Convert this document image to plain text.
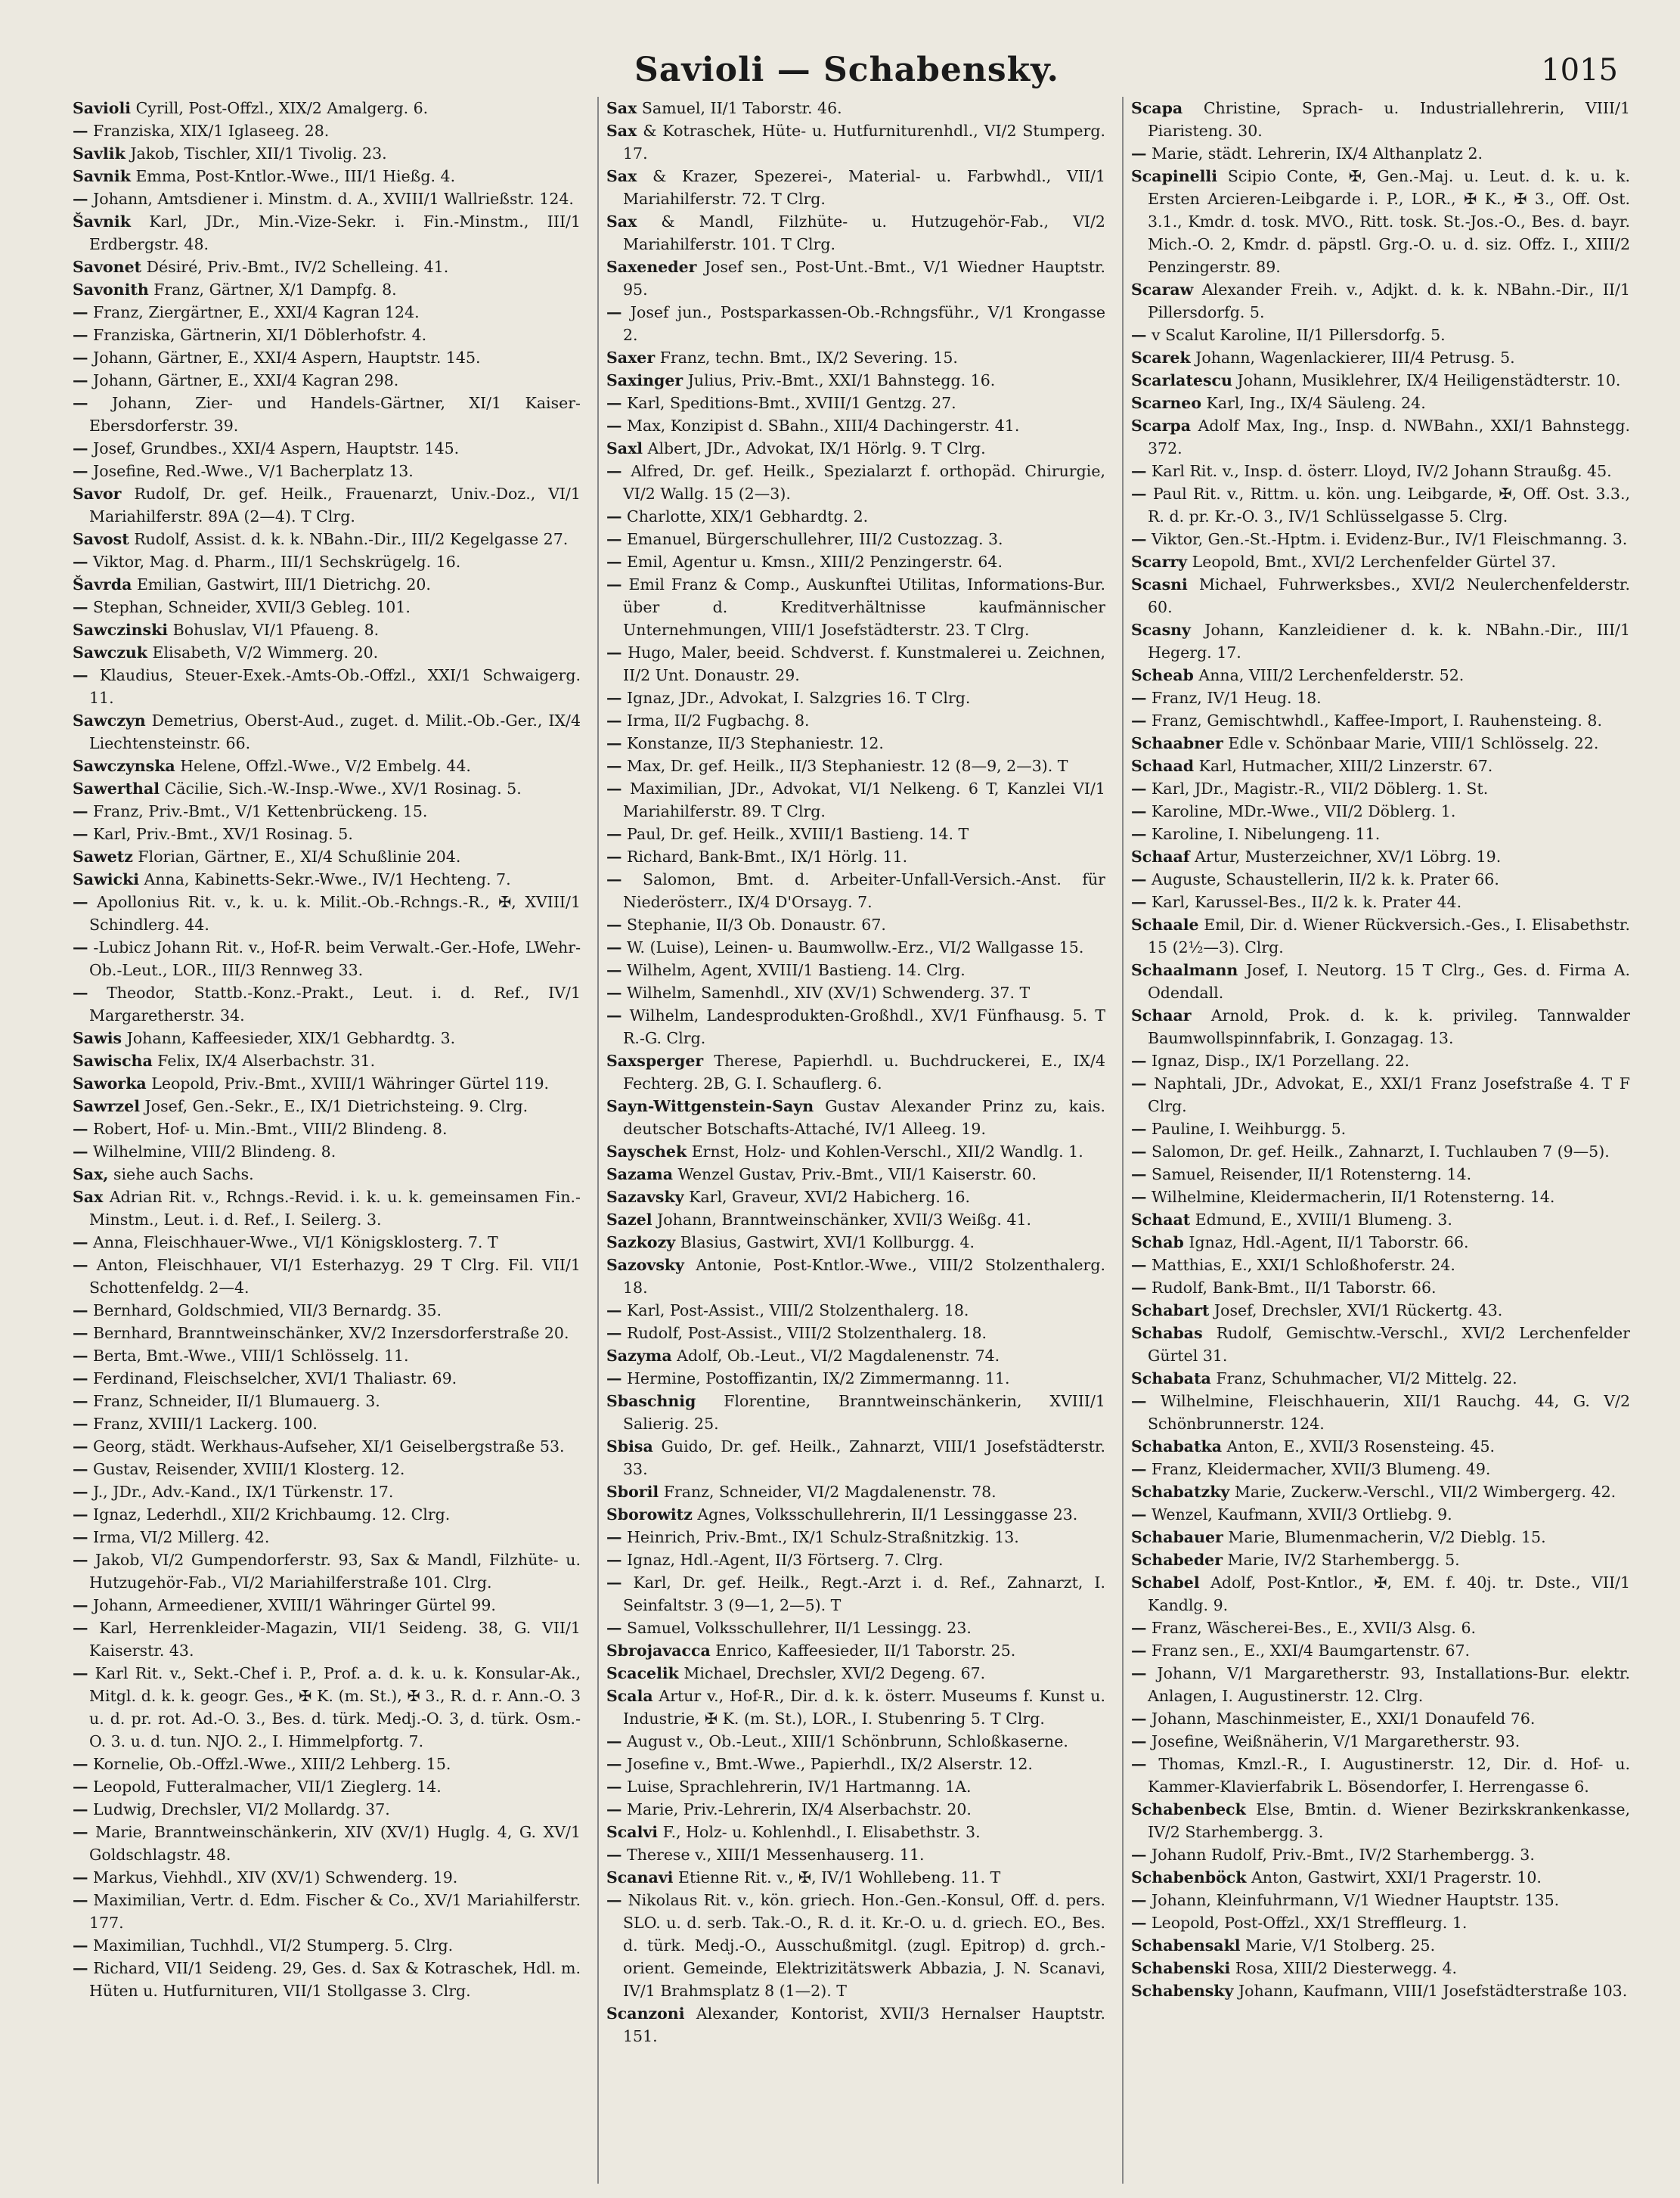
Savioli — Schabensky.	1015
Savioli Cyrill, Post-Offzl., XIX/2 Amalgerg. 6.
— Franziska, XIX/1 Iglaseeg. 28.
Savlik Jakob, Tischler, XII/1 Tivolig. 23.
Savnik Emma, Post-Kntlor.-Wwe., III/1 Hießg. 4.
— Johann, Amtsdiener i. Minstm. d. A., XVIII/1 Wallrießstr. 124.
Šavnik Karl, JDr., Min.-Vize-Sekr. i. Fin.-Minstm., III/1 Erdbergstr. 48.
Savonet Désiré, Priv.-Bmt., IV/2 Schelleing. 41.
Savonith Franz, Gärtner, X/1 Dampfg. 8.
— Franz, Ziergärtner, E., XXI/4 Kagran 124.
— Franziska, Gärtnerin, XI/1 Döblerhofstr. 4.
— Johann, Gärtner, E., XXI/4 Aspern, Hauptstr. 145.
— Johann, Gärtner, E., XXI/4 Kagran 298.
— Johann, Zier- und Handels-Gärtner, XI/1 Kaiser-Ebersdorferstr. 39.
— Josef, Grundbes., XXI/4 Aspern, Hauptstr. 145.
— Josefine, Red.-Wwe., V/1 Bacherplatz 13.
Savor Rudolf, Dr. gef. Heilk., Frauenarzt, Univ.-Doz., VI/1 Mariahilferstr. 89A (2—4). T Clrg.
Savost Rudolf, Assist. d. k. k. NBahn.-Dir., III/2 Kegelgasse 27.
— Viktor, Mag. d. Pharm., III/1 Sechskrügelg. 16.
Šavrda Emilian, Gastwirt, III/1 Dietrichg. 20.
— Stephan, Schneider, XVII/3 Gebleg. 101.
Sawczinski Bohuslav, VI/1 Pfaueng. 8.
Sawczuk Elisabeth, V/2 Wimmerg. 20.
— Klaudius, Steuer-Exek.-Amts-Ob.-Offzl., XXI/1 Schwaigerg. 11.
Sawczyn Demetrius, Oberst-Aud., zuget. d. Milit.-Ob.-Ger., IX/4 Liechtensteinstr. 66.
Sawczynska Helene, Offzl.-Wwe., V/2 Embelg. 44.
Sawerthal Cäcilie, Sich.-W.-Insp.-Wwe., XV/1 Rosinag. 5.
— Franz, Priv.-Bmt., V/1 Kettenbrückeng. 15.
— Karl, Priv.-Bmt., XV/1 Rosinag. 5.
Sawetz Florian, Gärtner, E., XI/4 Schußlinie 204.
Sawicki Anna, Kabinetts-Sekr.-Wwe., IV/1 Hechteng. 7.
— Apollonius Rit. v., k. u. k. Milit.-Ob.-Rchngs.-R., ✠, XVIII/1 Schindlerg. 44.
— -Lubicz Johann Rit. v., Hof-R. beim Verwalt.-Ger.-Hofe, LWehr-Ob.-Leut., LOR., III/3 Rennweg 33.
— Theodor, Stattb.-Konz.-Prakt., Leut. i. d. Ref., IV/1 Margaretherstr. 34.
Sawis Johann, Kaffeesieder, XIX/1 Gebhardtg. 3.
Sawischa Felix, IX/4 Alserbachstr. 31.
Saworka Leopold, Priv.-Bmt., XVIII/1 Währinger Gürtel 119.
Sawrzel Josef, Gen.-Sekr., E., IX/1 Dietrichsteing. 9. Clrg.
— Robert, Hof- u. Min.-Bmt., VIII/2 Blindeng. 8.
— Wilhelmine, VIII/2 Blindeng. 8.
Sax, siehe auch Sachs.
Sax Adrian Rit. v., Rchngs.-Revid. i. k. u. k. gemeinsamen Fin.-Minstm., Leut. i. d. Ref., I. Seilerg. 3.
— Anna, Fleischhauer-Wwe., VI/1 Königsklosterg. 7. T
— Anton, Fleischhauer, VI/1 Esterhazyg. 29 T Clrg. Fil. VII/1 Schottenfeldg. 2—4.
— Bernhard, Goldschmied, VII/3 Bernardg. 35.
— Bernhard, Branntweinschänker, XV/2 Inzersdorferstraße 20.
— Berta, Bmt.-Wwe., VIII/1 Schlösselg. 11.
— Ferdinand, Fleischselcher, XVI/1 Thaliastr. 69.
— Franz, Schneider, II/1 Blumauerg. 3.
— Franz, XVIII/1 Lackerg. 100.
— Georg, städt. Werkhaus-Aufseher, XI/1 Geiselbergstraße 53.
— Gustav, Reisender, XVIII/1 Klosterg. 12.
— J., JDr., Adv.-Kand., IX/1 Türkenstr. 17.
— Ignaz, Lederhdl., XII/2 Krichbaumg. 12. Clrg.
— Irma, VI/2 Millerg. 42.
— Jakob, VI/2 Gumpendorferstr. 93, Sax & Mandl, Filzhüte- u. Hutzugehör-Fab., VI/2 Mariahilferstraße 101. Clrg.
— Johann, Armeediener, XVIII/1 Währinger Gürtel 99.
— Karl, Herrenkleider-Magazin, VII/1 Seideng. 38, G. VII/1 Kaiserstr. 43.
— Karl Rit. v., Sekt.-Chef i. P., Prof. a. d. k. u. k. Konsular-Ak., Mitgl. d. k. k. geogr. Ges., ✠ K. (m. St.), ✠ 3., R. d. r. Ann.-O. 3 u. d. pr. rot. Ad.-O. 3., Bes. d. türk. Medj.-O. 3, d. türk. Osm.-O. 3. u. d. tun. NJO. 2., I. Himmelpfortg. 7.
— Kornelie, Ob.-Offzl.-Wwe., XIII/2 Lehberg. 15.
— Leopold, Futteralmacher, VII/1 Zieglerg. 14.
— Ludwig, Drechsler, VI/2 Mollardg. 37.
— Marie, Branntweinschänkerin, XIV (XV/1) Huglg. 4, G. XV/1 Goldschlagstr. 48.
— Markus, Viehhdl., XIV (XV/1) Schwenderg. 19.
— Maximilian, Vertr. d. Edm. Fischer & Co., XV/1 Mariahilferstr. 177.
— Maximilian, Tuchhdl., VI/2 Stumperg. 5. Clrg.
— Richard, VII/1 Seideng. 29, Ges. d. Sax & Kotraschek, Hdl. m. Hüten u. Hutfurnituren, VII/1 Stollgasse 3. Clrg.
Sax Samuel, II/1 Taborstr. 46.
Sax & Kotraschek, Hüte- u. Hutfurniturenhdl., VI/2 Stumperg. 17.
Sax & Krazer, Spezerei-, Material- u. Farbwhdl., VII/1 Mariahilferstr. 72. T Clrg.
Sax & Mandl, Filzhüte- u. Hutzugehör-Fab., VI/2 Mariahilferstr. 101. T Clrg.
Saxeneder Josef sen., Post-Unt.-Bmt., V/1 Wiedner Hauptstr. 95.
— Josef jun., Postsparkassen-Ob.-Rchngsführ., V/1 Krongasse 2.
Saxer Franz, techn. Bmt., IX/2 Severing. 15.
Saxinger Julius, Priv.-Bmt., XXI/1 Bahnstegg. 16.
— Karl, Speditions-Bmt., XVIII/1 Gentzg. 27.
— Max, Konzipist d. SBahn., XIII/4 Dachingerstr. 41.
Saxl Albert, JDr., Advokat, IX/1 Hörlg. 9. T Clrg.
— Alfred, Dr. gef. Heilk., Spezialarzt f. orthopäd. Chirurgie, VI/2 Wallg. 15 (2—3).
— Charlotte, XIX/1 Gebhardtg. 2.
— Emanuel, Bürgerschullehrer, III/2 Custozzag. 3.
— Emil, Agentur u. Kmsn., XIII/2 Penzingerstr. 64.
— Emil Franz & Comp., Auskunftei Utilitas, Informations-Bur. über d. Kreditverhältnisse kaufmännischer Unternehmungen, VIII/1 Josefstädterstr. 23. T Clrg.
— Hugo, Maler, beeid. Schdverst. f. Kunstmalerei u. Zeichnen, II/2 Unt. Donaustr. 29.
— Ignaz, JDr., Advokat, I. Salzgries 16. T Clrg.
— Irma, II/2 Fugbachg. 8.
— Konstanze, II/3 Stephaniestr. 12.
— Max, Dr. gef. Heilk., II/3 Stephaniestr. 12 (8—9, 2—3). T
— Maximilian, JDr., Advokat, VI/1 Nelkeng. 6 T, Kanzlei VI/1 Mariahilferstr. 89. T Clrg.
— Paul, Dr. gef. Heilk., XVIII/1 Bastieng. 14. T
— Richard, Bank-Bmt., IX/1 Hörlg. 11.
— Salomon, Bmt. d. Arbeiter-Unfall-Versich.-Anst. für Niederösterr., IX/4 D'Orsayg. 7.
— Stephanie, II/3 Ob. Donaustr. 67.
— W. (Luise), Leinen- u. Baumwollw.-Erz., VI/2 Wallgasse 15.
— Wilhelm, Agent, XVIII/1 Bastieng. 14. Clrg.
— Wilhelm, Samenhdl., XIV (XV/1) Schwenderg. 37. T
— Wilhelm, Landesprodukten-Großhdl., XV/1 Fünfhausg. 5. T R.-G. Clrg.
Saxsperger Therese, Papierhdl. u. Buchdruckerei, E., IX/4 Fechterg. 2B, G. I. Schauflerg. 6.
Sayn-Wittgenstein-Sayn Gustav Alexander Prinz zu, kais. deutscher Botschafts-Attaché, IV/1 Alleeg. 19.
Sayschek Ernst, Holz- und Kohlen-Verschl., XII/2 Wandlg. 1.
Sazama Wenzel Gustav, Priv.-Bmt., VII/1 Kaiserstr. 60.
Sazavsky Karl, Graveur, XVI/2 Habicherg. 16.
Sazel Johann, Branntweinschänker, XVII/3 Weißg. 41.
Sazkozy Blasius, Gastwirt, XVI/1 Kollburgg. 4.
Sazovsky Antonie, Post-Kntlor.-Wwe., VIII/2 Stolzenthalerg. 18.
— Karl, Post-Assist., VIII/2 Stolzenthalerg. 18.
— Rudolf, Post-Assist., VIII/2 Stolzenthalerg. 18.
Sazyma Adolf, Ob.-Leut., VI/2 Magdalenenstr. 74.
— Hermine, Postoffizantin, IX/2 Zimmermanng. 11.
Sbaschnig Florentine, Branntweinschänkerin, XVIII/1 Salierig. 25.
Sbisa Guido, Dr. gef. Heilk., Zahnarzt, VIII/1 Josefstädterstr. 33.
Sboril Franz, Schneider, VI/2 Magdalenenstr. 78.
Sborowitz Agnes, Volksschullehrerin, II/1 Lessinggasse 23.
— Heinrich, Priv.-Bmt., IX/1 Schulz-Straßnitzkig. 13.
— Ignaz, Hdl.-Agent, II/3 Förtserg. 7. Clrg.
— Karl, Dr. gef. Heilk., Regt.-Arzt i. d. Ref., Zahnarzt, I. Seinfaltstr. 3 (9—1, 2—5). T
— Samuel, Volksschullehrer, II/1 Lessingg. 23.
Sbrojavacca Enrico, Kaffeesieder, II/1 Taborstr. 25.
Scacelik Michael, Drechsler, XVI/2 Degeng. 67.
Scala Artur v., Hof-R., Dir. d. k. k. österr. Museums f. Kunst u. Industrie, ✠ K. (m. St.), LOR., I. Stubenring 5. T Clrg.
— August v., Ob.-Leut., XIII/1 Schönbrunn, Schloßkaserne.
— Josefine v., Bmt.-Wwe., Papierhdl., IX/2 Alserstr. 12.
— Luise, Sprachlehrerin, IV/1 Hartmanng. 1A.
— Marie, Priv.-Lehrerin, IX/4 Alserbachstr. 20.
Scalvi F., Holz- u. Kohlenhdl., I. Elisabethstr. 3.
— Therese v., XIII/1 Messenhauserg. 11.
Scanavi Etienne Rit. v., ✠, IV/1 Wohllebeng. 11. T
— Nikolaus Rit. v., kön. griech. Hon.-Gen.-Konsul, Off. d. pers. SLO. u. d. serb. Tak.-O., R. d. it. Kr.-O. u. d. griech. EO., Bes. d. türk. Medj.-O., Ausschußmitgl. (zugl. Epitrop) d. grch.-orient. Gemeinde, Elektrizitätswerk Abbazia, J. N. Scanavi, IV/1 Brahmsplatz 8 (1—2). T
Scanzoni Alexander, Kontorist, XVII/3 Hernalser Hauptstr. 151.
Scapa Christine, Sprach- u. Industriallehrerin, VIII/1 Piaristeng. 30.
— Marie, städt. Lehrerin, IX/4 Althanplatz 2.
Scapinelli Scipio Conte, ✠, Gen.-Maj. u. Leut. d. k. u. k. Ersten Arcieren-Leibgarde i. P., LOR., ✠ K., ✠ 3., Off. Ost. 3.1., Kmdr. d. tosk. MVO., Ritt. tosk. St.-Jos.-O., Bes. d. bayr. Mich.-O. 2, Kmdr. d. päpstl. Grg.-O. u. d. siz. Offz. I., XIII/2 Penzingerstr. 89.
Scaraw Alexander Freih. v., Adjkt. d. k. k. NBahn.-Dir., II/1 Pillersdorfg. 5.
— v Scalut Karoline, II/1 Pillersdorfg. 5.
Scarek Johann, Wagenlackierer, III/4 Petrusg. 5.
Scarlatescu Johann, Musiklehrer, IX/4 Heiligenstädterstr. 10.
Scarneo Karl, Ing., IX/4 Säuleng. 24.
Scarpa Adolf Max, Ing., Insp. d. NWBahn., XXI/1 Bahnstegg. 372.
— Karl Rit. v., Insp. d. österr. Lloyd, IV/2 Johann Straußg. 45.
— Paul Rit. v., Rittm. u. kön. ung. Leibgarde, ✠, Off. Ost. 3.3., R. d. pr. Kr.-O. 3., IV/1 Schlüsselgasse 5. Clrg.
— Viktor, Gen.-St.-Hptm. i. Evidenz-Bur., IV/1 Fleischmanng. 3.
Scarry Leopold, Bmt., XVI/2 Lerchenfelder Gürtel 37.
Scasni Michael, Fuhrwerksbes., XVI/2 Neulerchenfelderstr. 60.
Scasny Johann, Kanzleidiener d. k. k. NBahn.-Dir., III/1 Hegerg. 17.
Scheab Anna, VIII/2 Lerchenfelderstr. 52.
— Franz, IV/1 Heug. 18.
— Franz, Gemischtwhdl., Kaffee-Import, I. Rauhensteing. 8.
Schaabner Edle v. Schönbaar Marie, VIII/1 Schlösselg. 22.
Schaad Karl, Hutmacher, XIII/2 Linzerstr. 67.
— Karl, JDr., Magistr.-R., VII/2 Döblerg. 1. St.
— Karoline, MDr.-Wwe., VII/2 Döblerg. 1.
— Karoline, I. Nibelungeng. 11.
Schaaf Artur, Musterzeichner, XV/1 Löbrg. 19.
— Auguste, Schaustellerin, II/2 k. k. Prater 66.
— Karl, Karussel-Bes., II/2 k. k. Prater 44.
Schaale Emil, Dir. d. Wiener Rückversich.-Ges., I. Elisabethstr. 15 (2½—3). Clrg.
Schaalmann Josef, I. Neutorg. 15 T Clrg., Ges. d. Firma A. Odendall.
Schaar Arnold, Prok. d. k. k. privileg. Tannwalder Baumwollspinnfabrik, I. Gonzagag. 13.
— Ignaz, Disp., IX/1 Porzellang. 22.
— Naphtali, JDr., Advokat, E., XXI/1 Franz Josefstraße 4. T F Clrg.
— Pauline, I. Weihburgg. 5.
— Salomon, Dr. gef. Heilk., Zahnarzt, I. Tuchlauben 7 (9—5).
— Samuel, Reisender, II/1 Rotensterng. 14.
— Wilhelmine, Kleidermacherin, II/1 Rotensterng. 14.
Schaat Edmund, E., XVIII/1 Blumeng. 3.
Schab Ignaz, Hdl.-Agent, II/1 Taborstr. 66.
— Matthias, E., XXI/1 Schloßhoferstr. 24.
— Rudolf, Bank-Bmt., II/1 Taborstr. 66.
Schabart Josef, Drechsler, XVI/1 Rückertg. 43.
Schabas Rudolf, Gemischtw.-Verschl., XVI/2 Lerchenfelder Gürtel 31.
Schabata Franz, Schuhmacher, VI/2 Mittelg. 22.
— Wilhelmine, Fleischhauerin, XII/1 Rauchg. 44, G. V/2 Schönbrunnerstr. 124.
Schabatka Anton, E., XVII/3 Rosensteing. 45.
— Franz, Kleidermacher, XVII/3 Blumeng. 49.
Schabatzky Marie, Zuckerw.-Verschl., VII/2 Wimbergerg. 42.
— Wenzel, Kaufmann, XVII/3 Ortliebg. 9.
Schabauer Marie, Blumenmacherin, V/2 Dieblg. 15.
Schabeder Marie, IV/2 Starhembergg. 5.
Schabel Adolf, Post-Kntlor., ✠, EM. f. 40j. tr. Dste., VII/1 Kandlg. 9.
— Franz, Wäscherei-Bes., E., XVII/3 Alsg. 6.
— Franz sen., E., XXI/4 Baumgartenstr. 67.
— Johann, V/1 Margaretherstr. 93, Installations-Bur. elektr. Anlagen, I. Augustinerstr. 12. Clrg.
— Johann, Maschinmeister, E., XXI/1 Donaufeld 76.
— Josefine, Weißnäherin, V/1 Margaretherstr. 93.
— Thomas, Kmzl.-R., I. Augustinerstr. 12, Dir. d. Hof- u. Kammer-Klavierfabrik L. Bösendorfer, I. Herrengasse 6.
Schabenbeck Else, Bmtin. d. Wiener Bezirkskrankenkasse, IV/2 Starhembergg. 3.
— Johann Rudolf, Priv.-Bmt., IV/2 Starhembergg. 3.
Schabenböck Anton, Gastwirt, XXI/1 Pragerstr. 10.
— Johann, Kleinfuhrmann, V/1 Wiedner Hauptstr. 135.
— Leopold, Post-Offzl., XX/1 Streffleurg. 1.
Schabensakl Marie, V/1 Stolberg. 25.
Schabenski Rosa, XIII/2 Diesterwegg. 4.
Schabensky Johann, Kaufmann, VIII/1 Josefstädterstraße 103.
